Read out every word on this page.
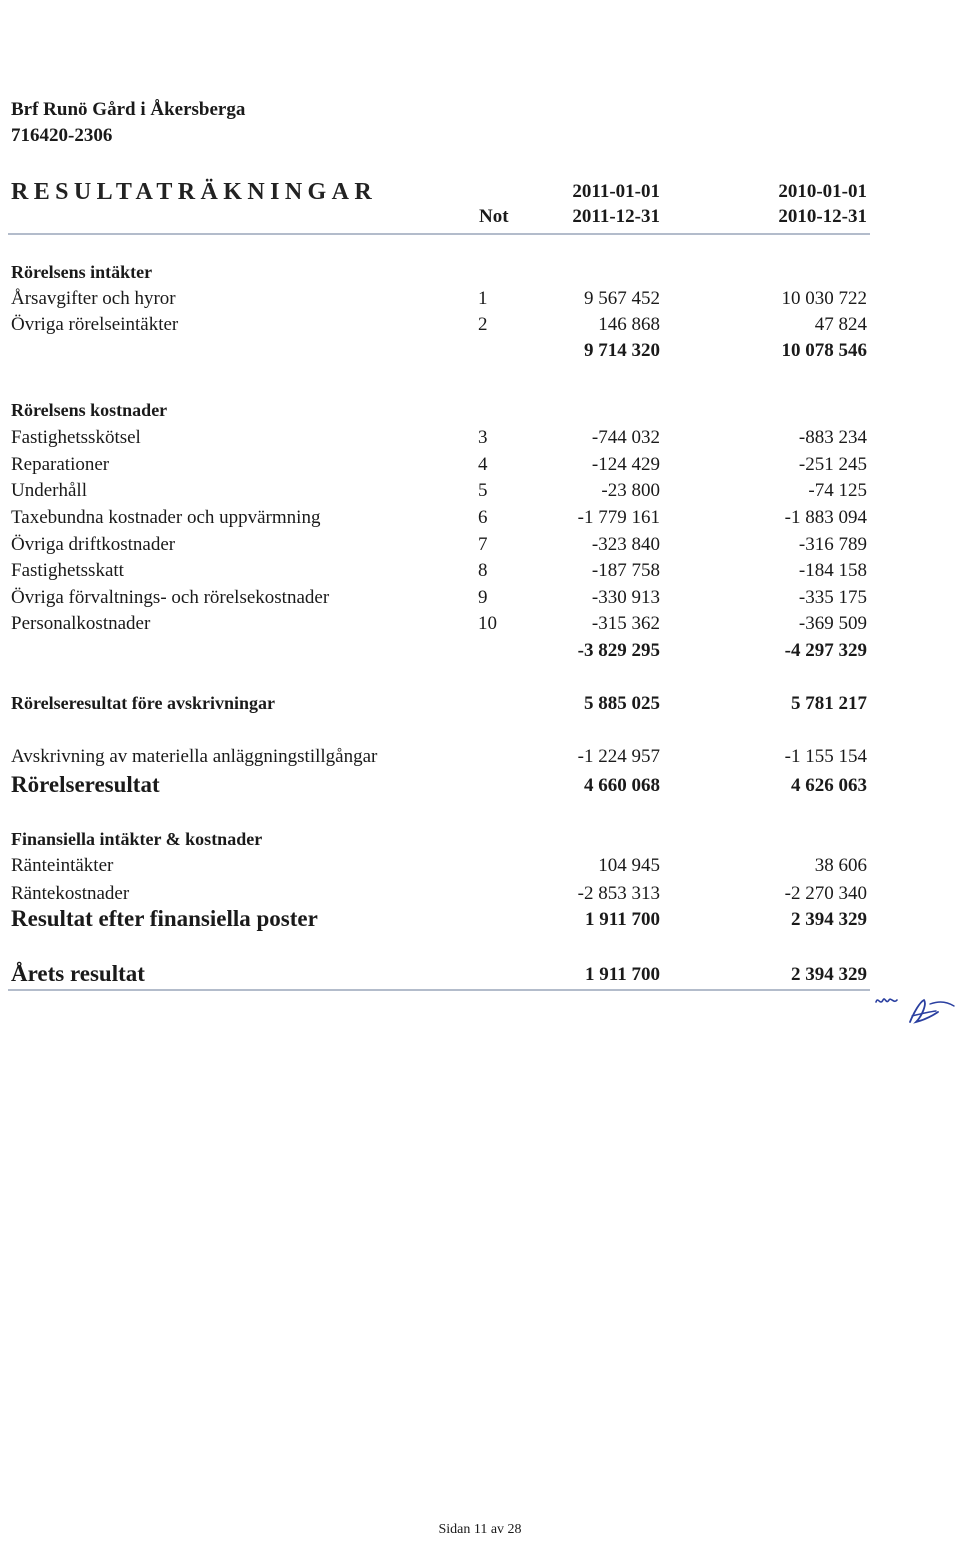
Brf Runö Gård i Åkersberga
716420-2306
RESULTATRÄKNINGAR	2011-01-01	2010-01-01
Not	2011-12-31	2010-12-31
Rörelsens intäkter
Årsavgifter och hyror	1	9 567 452	10 030 722
Övriga rörelseintäkter	2	146 868	47 824
9 714 320	10 078 546
Rörelsens kostnader
Fastighetsskötsel	3	-744 032	-883 234
Reparationer	4	-124 429	-251 245
Underhåll	5	-23 800	-74 125
Taxebundna kostnader och uppvärmning	6	-1 779 161	-1 883 094
Övriga driftkostnader	7	-323 840	-316 789
Fastighetsskatt	8	-187 758	-184 158
Övriga förvaltnings- och rörelsekostnader	9	-330 913	-335 175
Personalkostnader	10	-315 362	-369 509
-3 829 295	-4 297 329
Rörelseresultat före avskrivningar	5 885 025	5 781 217
Avskrivning av materiella anläggningstillgångar	-1 224 957	-1 155 154
Rörelseresultat	4 660 068	4 626 063
Finansiella intäkter & kostnader
Ränteintäkter	104 945	38 606
Räntekostnader	-2 853 313	-2 270 340
Resultat efter finansiella poster	1 911 700	2 394 329
Årets resultat	1 911 700	2 394 329
Sidan 11 av 28
